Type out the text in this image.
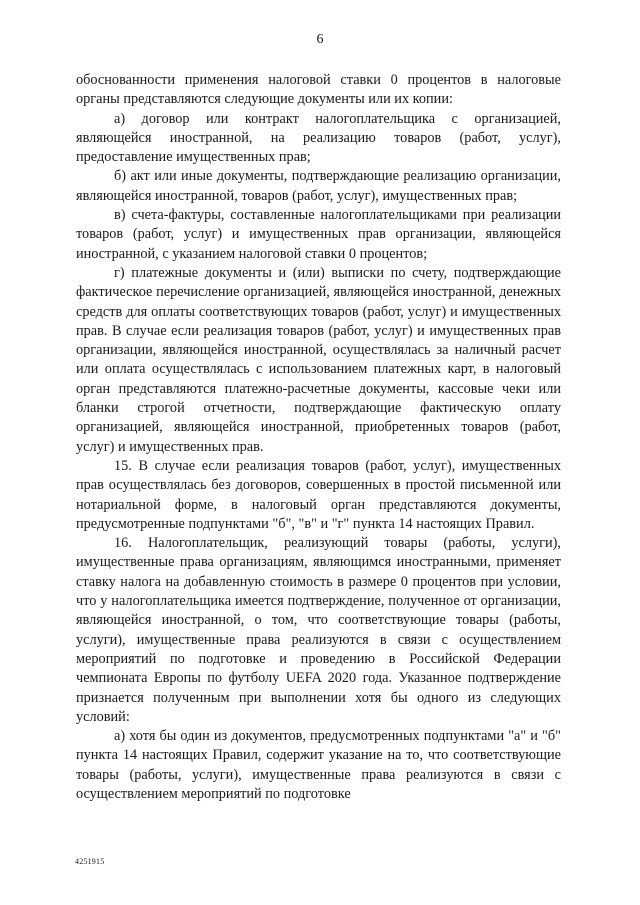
6

обоснованности применения налоговой ставки 0 процентов в налоговые органы представляются следующие документы или их копии:

а) договор или контракт налогоплательщика с организацией, являющейся иностранной, на реализацию товаров (работ, услуг), предоставление имущественных прав;

б) акт или иные документы, подтверждающие реализацию организации, являющейся иностранной, товаров (работ, услуг), имущественных прав;

в) счета-фактуры, составленные налогоплательщиками при реализации товаров (работ, услуг) и имущественных прав организации, являющейся иностранной, с указанием налоговой ставки 0 процентов;

г) платежные документы и (или) выписки по счету, подтверждающие фактическое перечисление организацией, являющейся иностранной, денежных средств для оплаты соответствующих товаров (работ, услуг) и имущественных прав. В случае если реализация товаров (работ, услуг) и имущественных прав организации, являющейся иностранной, осуществлялась за наличный расчет или оплата осуществлялась с использованием платежных карт, в налоговый орган представляются платежно-расчетные документы, кассовые чеки или бланки строгой отчетности, подтверждающие фактическую оплату организацией, являющейся иностранной, приобретенных товаров (работ, услуг) и имущественных прав.

15. В случае если реализация товаров (работ, услуг), имущественных прав осуществлялась без договоров, совершенных в простой письменной или нотариальной форме, в налоговый орган представляются документы, предусмотренные подпунктами "б", "в" и "г" пункта 14 настоящих Правил.

16. Налогоплательщик, реализующий товары (работы, услуги), имущественные права организациям, являющимся иностранными, применяет ставку налога на добавленную стоимость в размере 0 процентов при условии, что у налогоплательщика имеется подтверждение, полученное от организации, являющейся иностранной, о том, что соответствующие товары (работы, услуги), имущественные права реализуются в связи с осуществлением мероприятий по подготовке и проведению в Российской Федерации чемпионата Европы по футболу UEFA 2020 года. Указанное подтверждение признается полученным при выполнении хотя бы одного из следующих условий:

а) хотя бы один из документов, предусмотренных подпунктами "а" и "б" пункта 14 настоящих Правил, содержит указание на то, что соответствующие товары (работы, услуги), имущественные права реализуются в связи с осуществлением мероприятий по подготовке

4251915
